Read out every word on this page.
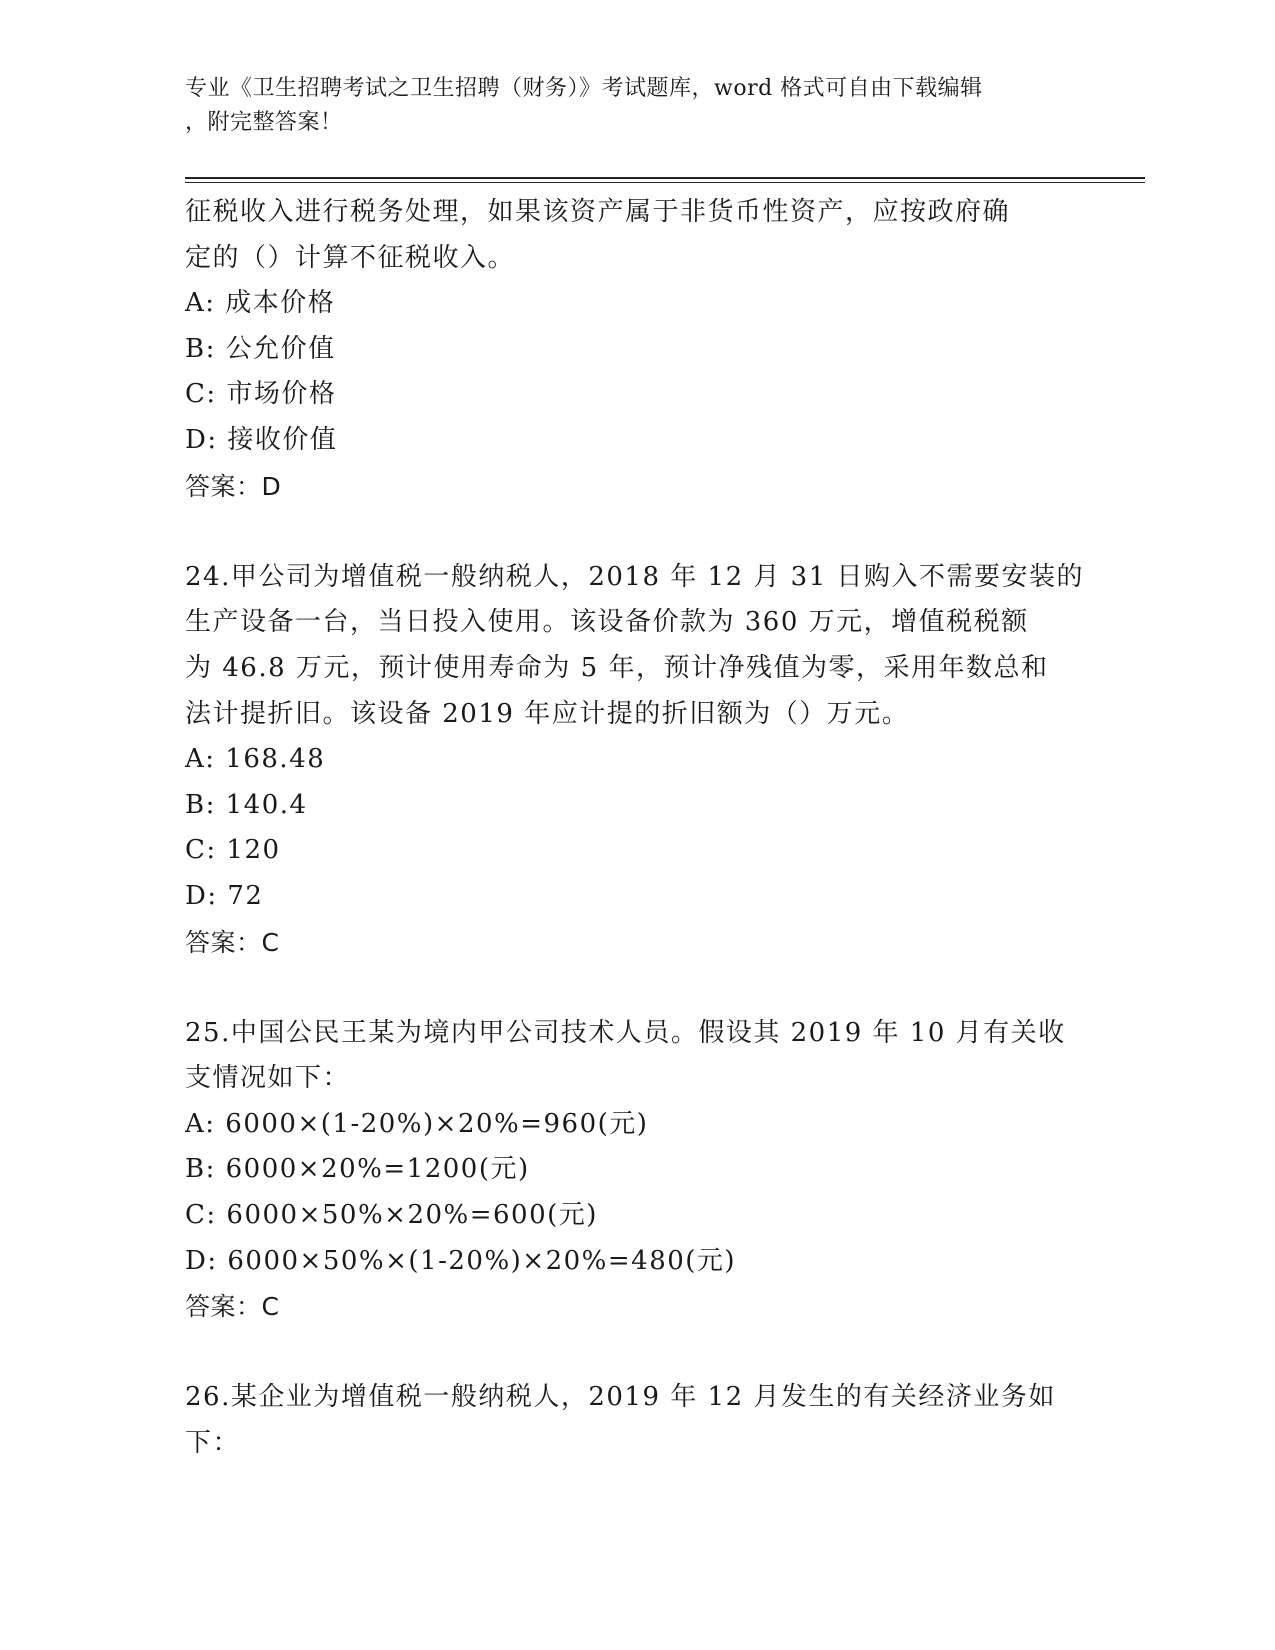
专业《卫生招聘考试之卫生招聘（财务）》考试题库，word 格式可自由下载编辑
，附完整答案！
征税收入进行税务处理，如果该资产属于非货币性资产，应按政府确
定的（）计算不征税收入。
A: 成本价格
B: 公允价值
C: 市场价格
D: 接收价值
答案：D
24.甲公司为增值税一般纳税人，2018 年 12 月 31 日购入不需要安装的
生产设备一台，当日投入使用。该设备价款为 360 万元，增值税税额
为 46.8 万元，预计使用寿命为 5 年，预计净残值为零，采用年数总和
法计提折旧。该设备 2019 年应计提的折旧额为（）万元。
A: 168.48
B: 140.4
C: 120
D: 72
答案：C
25.中国公民王某为境内甲公司技术人员。假设其 2019 年 10 月有关收
支情况如下：
A: 6000×(1-20%)×20%=960(元)
B: 6000×20%=1200(元)
C: 6000×50%×20%=600(元)
D: 6000×50%×(1-20%)×20%=480(元)
答案：C
26.某企业为增值税一般纳税人，2019 年 12 月发生的有关经济业务如
下：
